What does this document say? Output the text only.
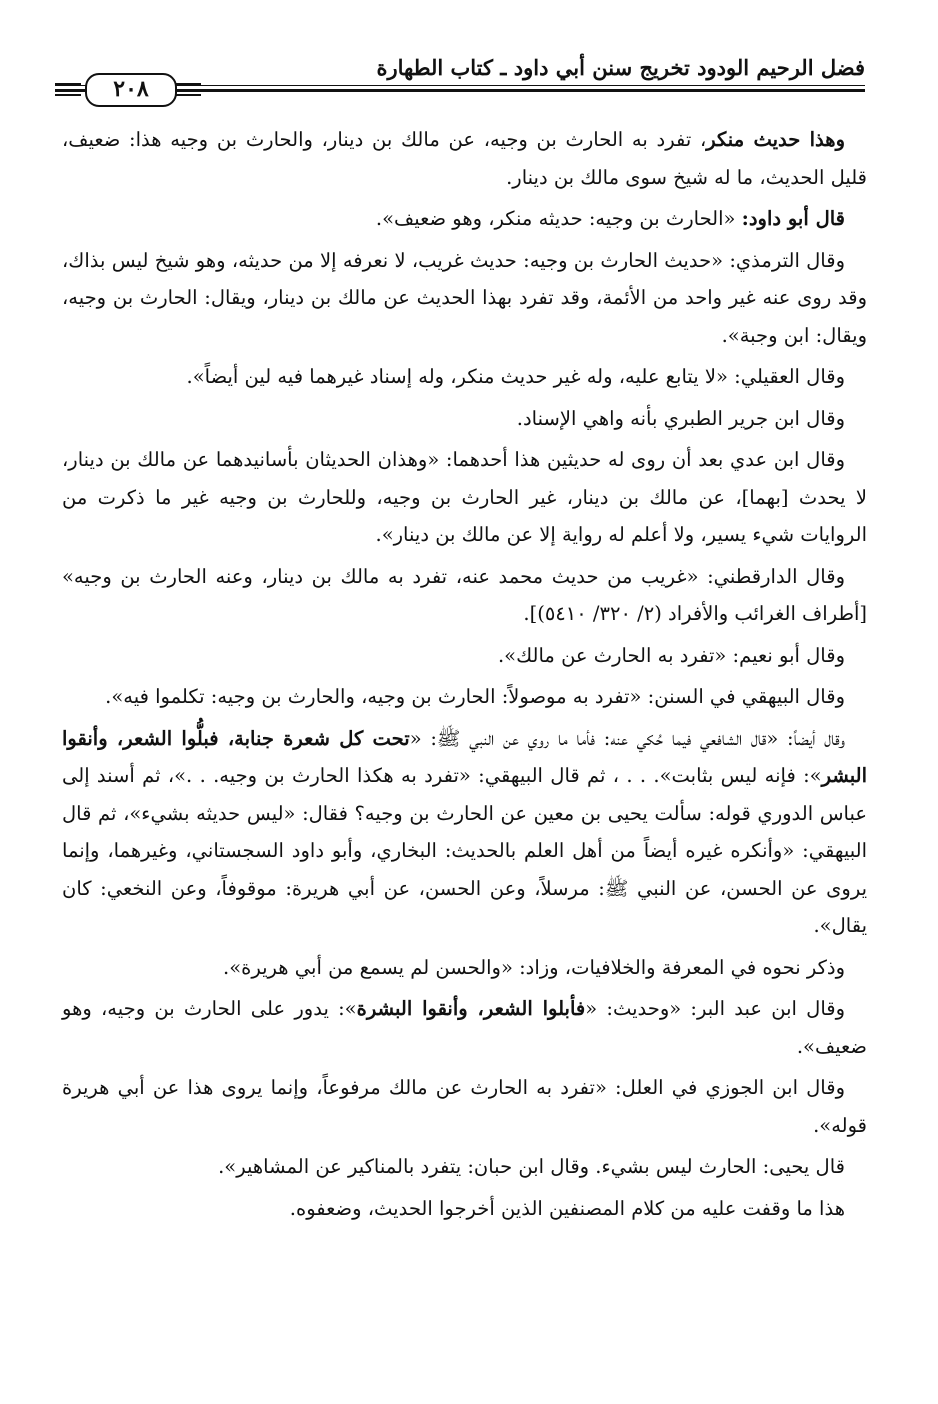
فضل الرحيم الودود تخريج سنن أبي داود ـ كتاب الطهارة
٢٠٨

وهذا حديث منكر، تفرد به الحارث بن وجيه، عن مالك بن دينار، والحارث بن وجيه هذا: ضعيف، قليل الحديث، ما له شيخ سوى مالك بن دينار.

قال أبو داود: «الحارث بن وجيه: حديثه منكر، وهو ضعيف».

وقال الترمذي: «حديث الحارث بن وجيه: حديث غريب، لا نعرفه إلا من حديثه، وهو شيخ ليس بذاك، وقد روى عنه غير واحد من الأئمة، وقد تفرد بهذا الحديث عن مالك بن دينار، ويقال: الحارث بن وجيه، ويقال: ابن وجبة».

وقال العقيلي: «لا يتابع عليه، وله غير حديث منكر، وله إسناد غيرهما فيه لين أيضاً».

وقال ابن جرير الطبري بأنه واهي الإسناد.

وقال ابن عدي بعد أن روى له حديثين هذا أحدهما: «وهذان الحديثان بأسانيدهما عن مالك بن دينار، لا يحدث [بهما]، عن مالك بن دينار، غير الحارث بن وجيه، وللحارث بن وجيه غير ما ذكرت من الروايات شيء يسير، ولا أعلم له رواية إلا عن مالك بن دينار».

وقال الدارقطني: «غريب من حديث محمد عنه، تفرد به مالك بن دينار، وعنه الحارث بن وجيه» [أطراف الغرائب والأفراد (٢/ ٣٢٠/ ٥٤١٠)].

وقال أبو نعيم: «تفرد به الحارث عن مالك».

وقال البيهقي في السنن: «تفرد به موصولاً: الحارث بن وجيه، والحارث بن وجيه: تكلموا فيه».

وقال أيضاً: «قال الشافعي فيما حُكي عنه: فأما ما روي عن النبي ﷺ: «تحت كل شعرة جنابة، فبلُّوا الشعر، وأنقوا البشر»: فإنه ليس بثابت». . . ، ثم قال البيهقي: «تفرد به هكذا الحارث بن وجيه. . .»، ثم أسند إلى عباس الدوري قوله: سألت يحيى بن معين عن الحارث بن وجيه؟ فقال: «ليس حديثه بشيء»، ثم قال البيهقي: «وأنكره غيره أيضاً من أهل العلم بالحديث: البخاري، وأبو داود السجستاني، وغيرهما، وإنما يروى عن الحسن، عن النبي ﷺ: مرسلاً، وعن الحسن، عن أبي هريرة: موقوفاً، وعن النخعي: كان يقال».

وذكر نحوه في المعرفة والخلافيات، وزاد: «والحسن لم يسمع من أبي هريرة».

وقال ابن عبد البر: «وحديث: «فأبلوا الشعر، وأنقوا البشرة»: يدور على الحارث بن وجيه، وهو ضعيف».

وقال ابن الجوزي في العلل: «تفرد به الحارث عن مالك مرفوعاً، وإنما يروى هذا عن أبي هريرة قوله».

قال يحيى: الحارث ليس بشيء. وقال ابن حبان: يتفرد بالمناكير عن المشاهير».

هذا ما وقفت عليه من كلام المصنفين الذين أخرجوا الحديث، وضعفوه.
